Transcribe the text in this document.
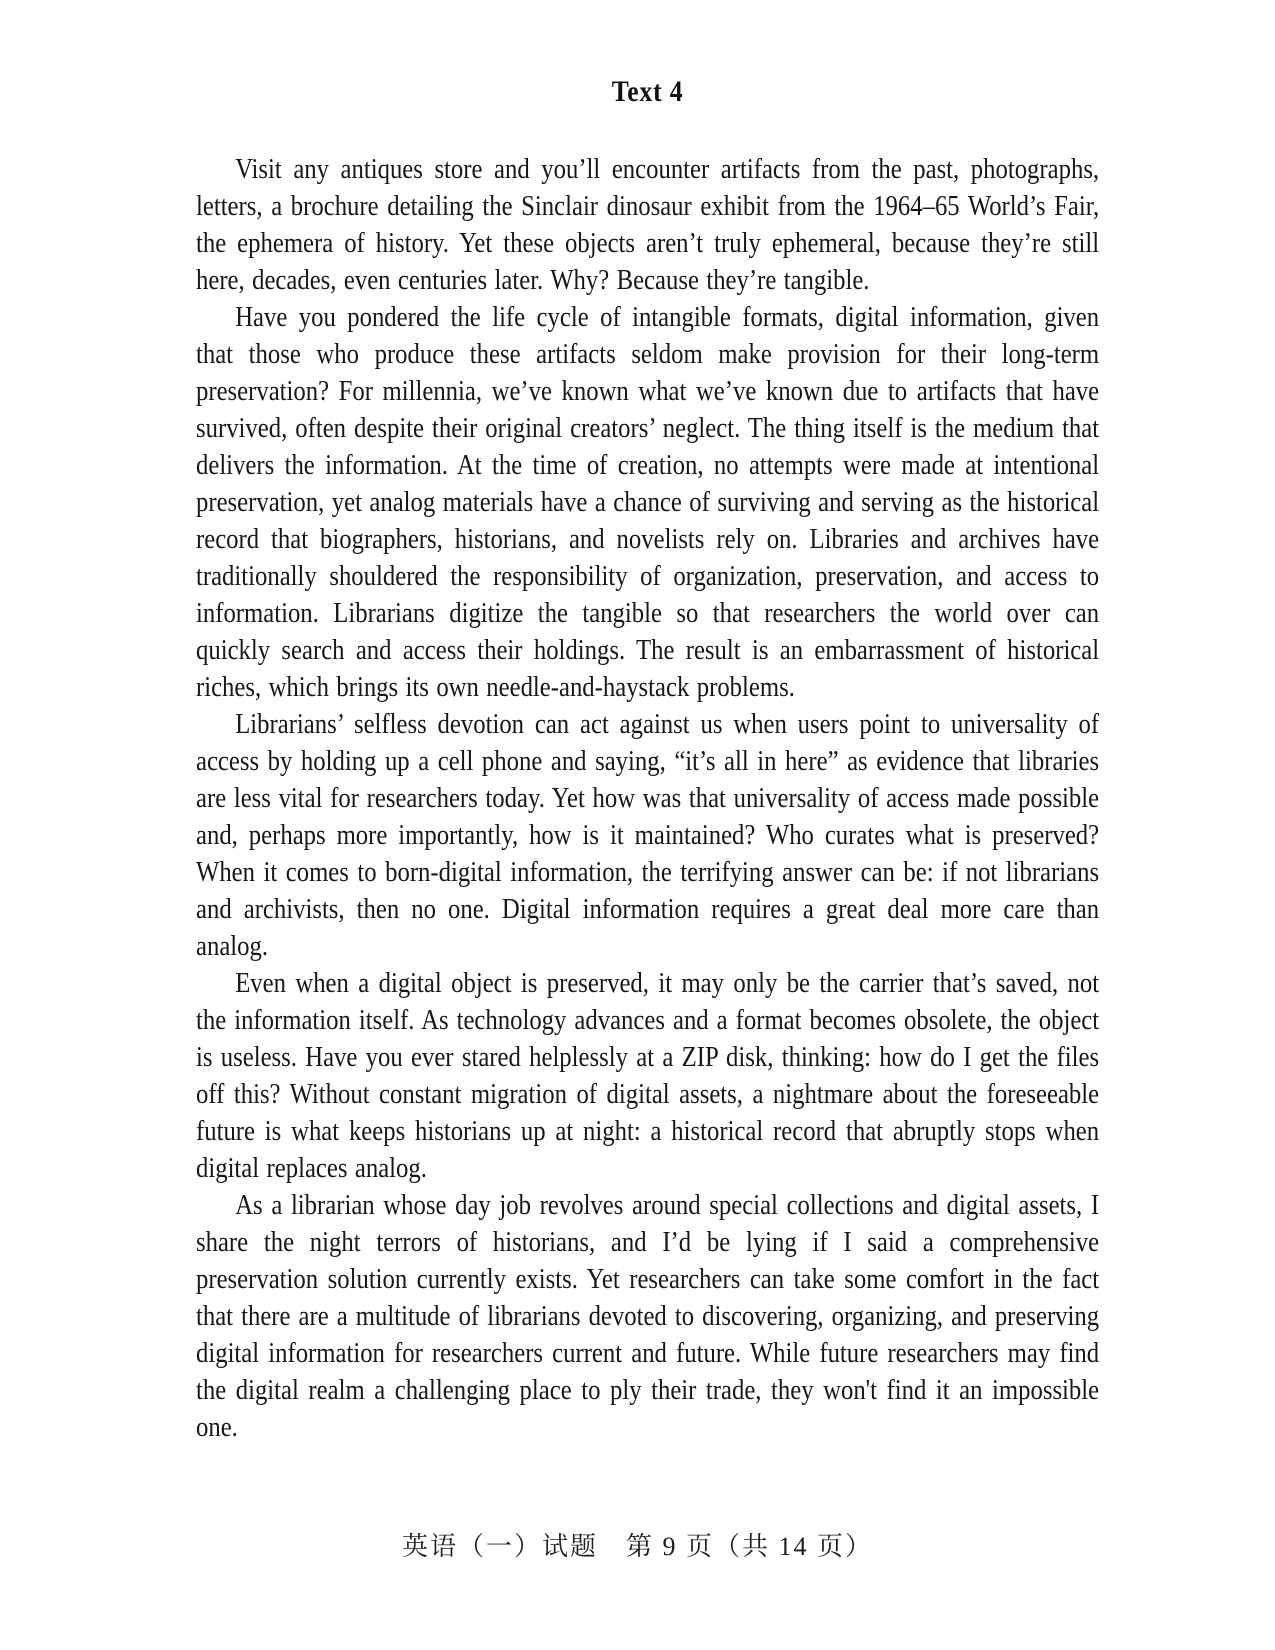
Text 4

Visit any antiques store and you’ll encounter artifacts from the past, photographs, letters, a brochure detailing the Sinclair dinosaur exhibit from the 1964–65 World’s Fair, the ephemera of history. Yet these objects aren’t truly ephemeral, because they’re still here, decades, even centuries later. Why? Because they’re tangible.

Have you pondered the life cycle of intangible formats, digital information, given that those who produce these artifacts seldom make provision for their long-term preservation? For millennia, we’ve known what we’ve known due to artifacts that have survived, often despite their original creators’ neglect. The thing itself is the medium that delivers the information. At the time of creation, no attempts were made at intentional preservation, yet analog materials have a chance of surviving and serving as the historical record that biographers, historians, and novelists rely on. Libraries and archives have traditionally shouldered the responsibility of organization, preservation, and access to information. Librarians digitize the tangible so that researchers the world over can quickly search and access their holdings. The result is an embarrassment of historical riches, which brings its own needle-and-haystack problems.

Librarians’ selfless devotion can act against us when users point to universality of access by holding up a cell phone and saying, “it’s all in here” as evidence that libraries are less vital for researchers today. Yet how was that universality of access made possible and, perhaps more importantly, how is it maintained? Who curates what is preserved? When it comes to born-digital information, the terrifying answer can be: if not librarians and archivists, then no one. Digital information requires a great deal more care than analog.

Even when a digital object is preserved, it may only be the carrier that’s saved, not the information itself. As technology advances and a format becomes obsolete, the object is useless. Have you ever stared helplessly at a ZIP disk, thinking: how do I get the files off this? Without constant migration of digital assets, a nightmare about the foreseeable future is what keeps historians up at night: a historical record that abruptly stops when digital replaces analog.

As a librarian whose day job revolves around special collections and digital assets, I share the night terrors of historians, and I’d be lying if I said a comprehensive preservation solution currently exists. Yet researchers can take some comfort in the fact that there are a multitude of librarians devoted to discovering, organizing, and preserving digital information for researchers current and future. While future researchers may find the digital realm a challenging place to ply their trade, they won't find it an impossible one.

英语（一）试题　第 9 页（共 14 页）
